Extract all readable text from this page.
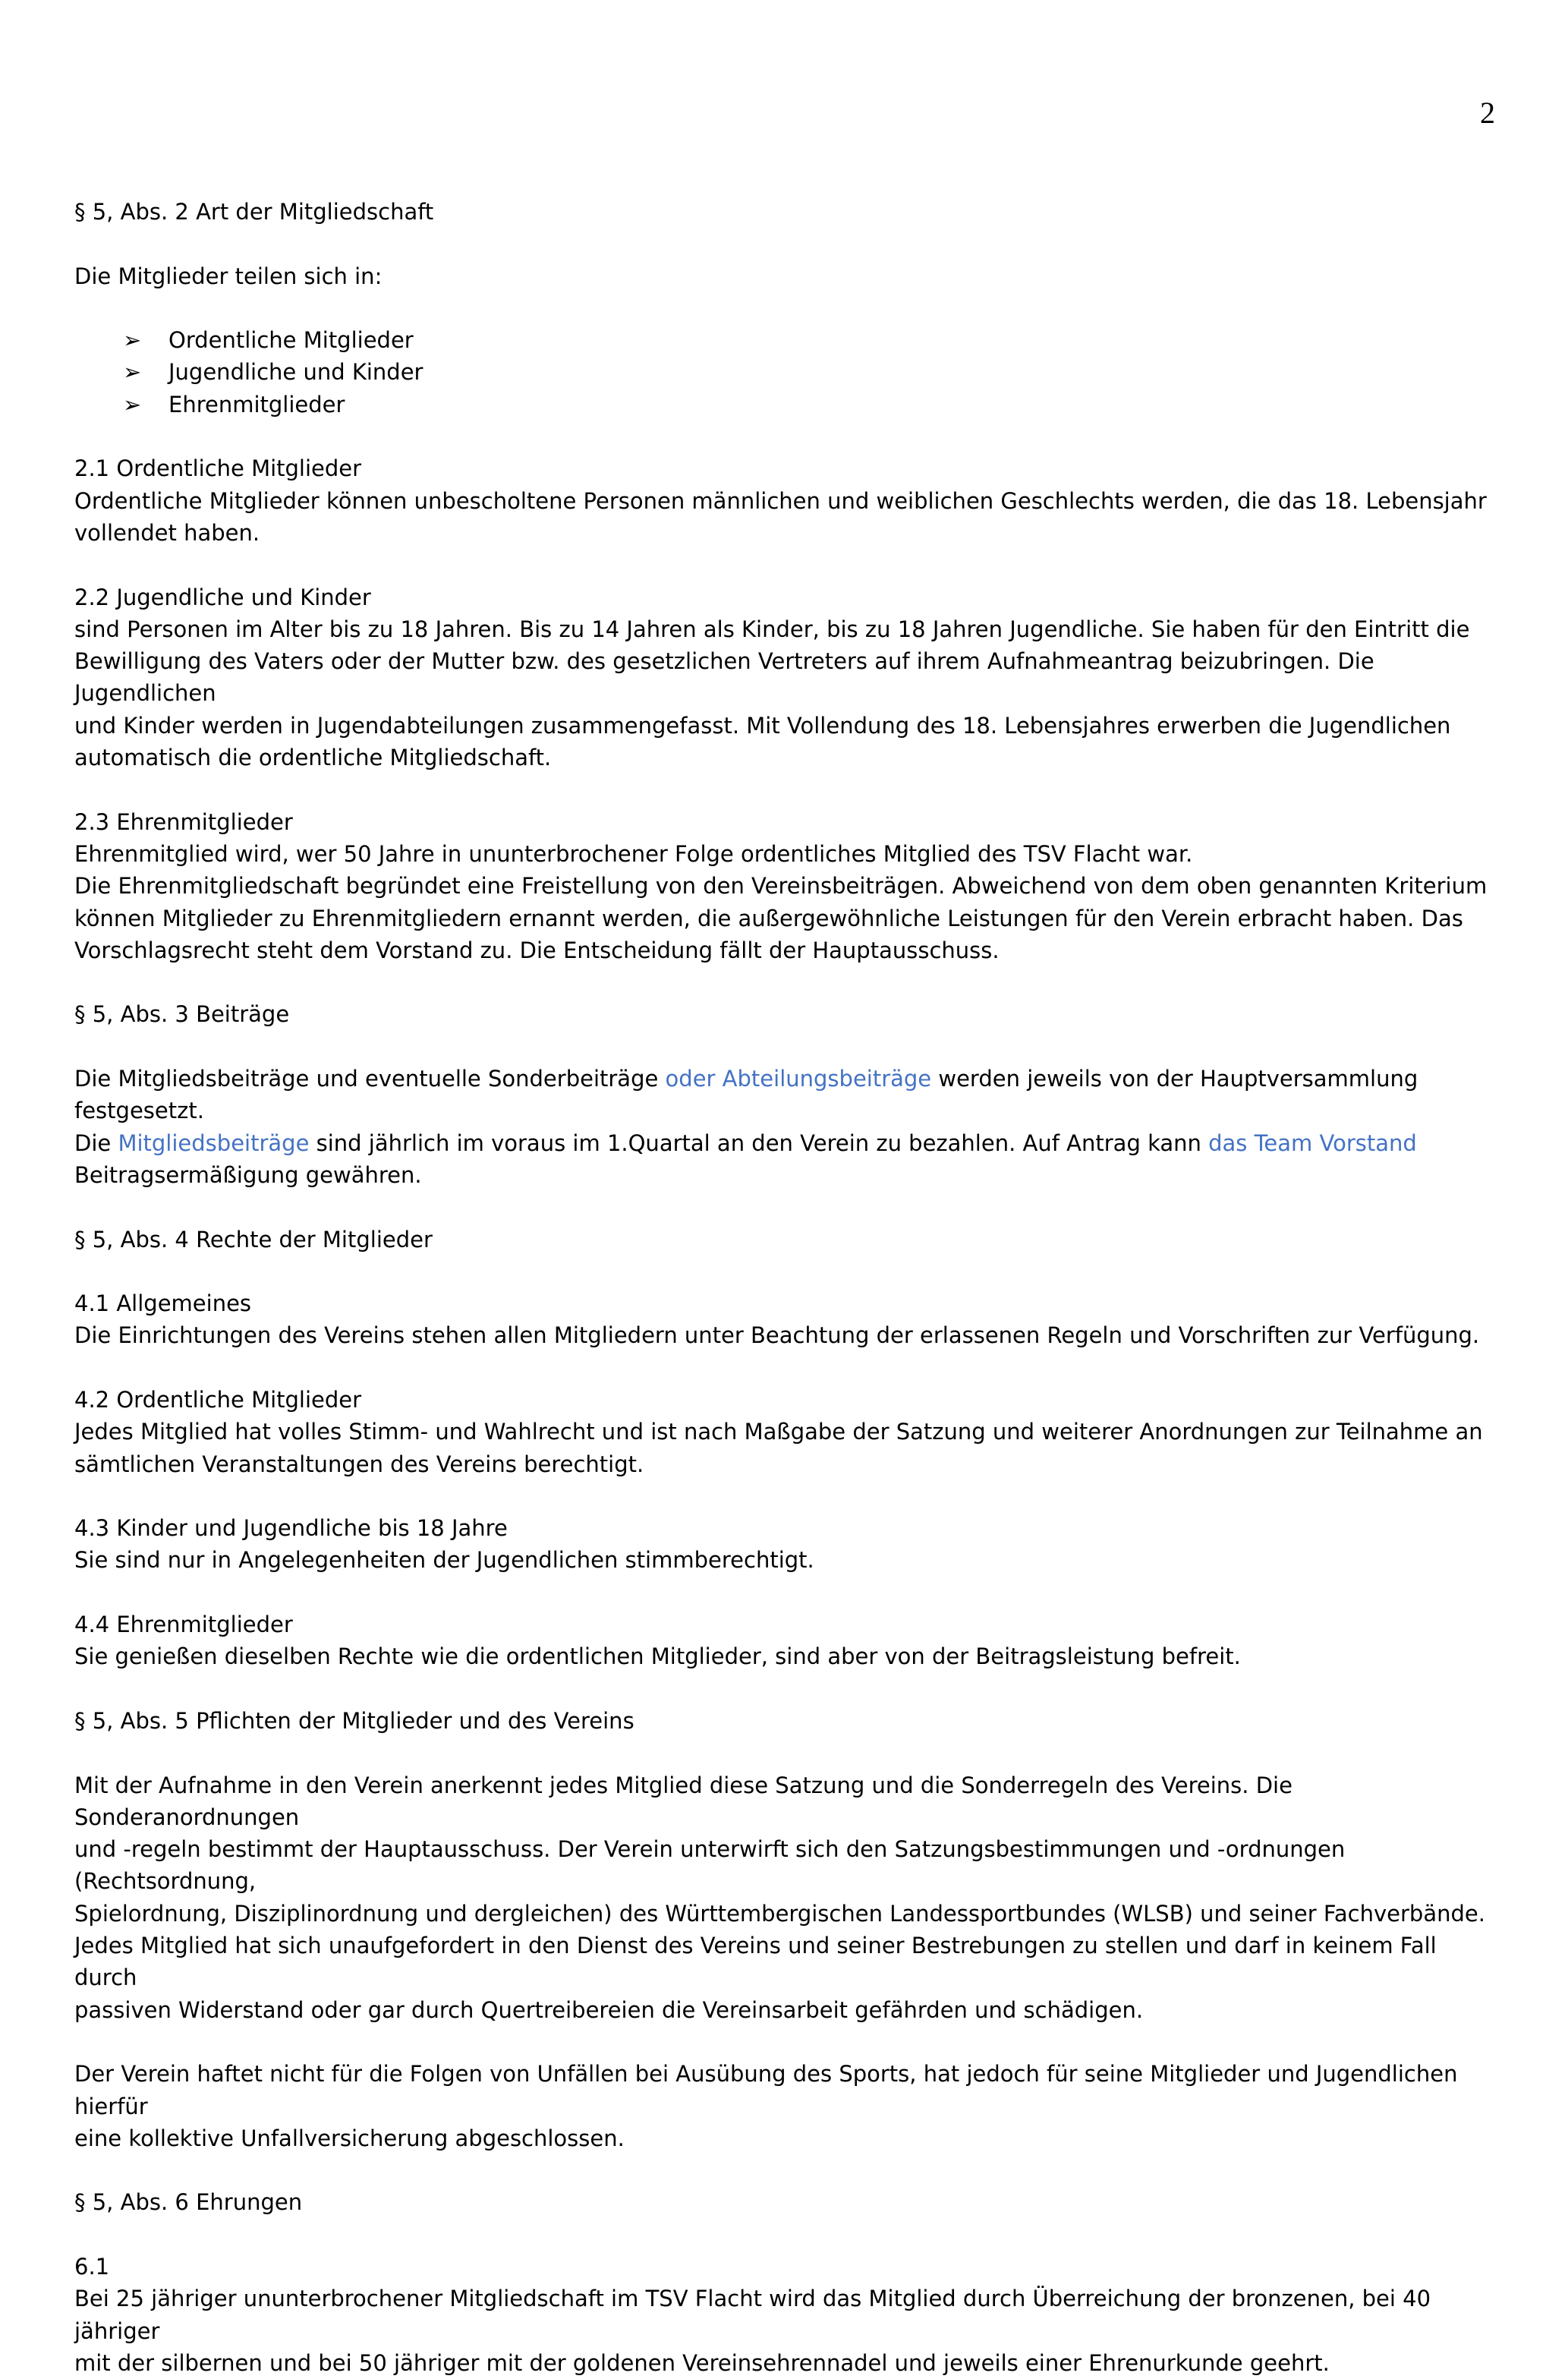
2

§ 5, Abs. 2 Art der Mitgliedschaft

Die Mitglieder teilen sich in:

➢	Ordentliche Mitglieder
➢	Jugendliche und Kinder
➢	Ehrenmitglieder

2.1 Ordentliche Mitglieder

Ordentliche Mitglieder können unbescholtene Personen männlichen und weiblichen Geschlechts werden, die das 18. Lebensjahr

vollendet haben.

2.2 Jugendliche und Kinder

sind Personen im Alter bis zu 18 Jahren. Bis zu 14 Jahren als Kinder, bis zu 18 Jahren Jugendliche. Sie haben für den Eintritt die

Bewilligung des Vaters oder der Mutter bzw. des gesetzlichen Vertreters auf ihrem Aufnahmeantrag beizubringen. Die Jugendlichen

und Kinder werden in Jugendabteilungen zusammengefasst. Mit Vollendung des 18. Lebensjahres erwerben die Jugendlichen

automatisch die ordentliche Mitgliedschaft.

2.3 Ehrenmitglieder

Ehrenmitglied wird, wer 50 Jahre in ununterbrochener Folge ordentliches Mitglied des TSV Flacht war.

Die Ehrenmitgliedschaft begründet eine Freistellung von den Vereinsbeiträgen. Abweichend von dem oben genannten Kriterium

können Mitglieder zu Ehrenmitgliedern ernannt werden, die außergewöhnliche Leistungen für den Verein erbracht haben. Das

Vorschlagsrecht steht dem Vorstand zu. Die Entscheidung fällt der Hauptausschuss.

§ 5, Abs. 3 Beiträge

Die Mitgliedsbeiträge und eventuelle Sonderbeiträge oder Abteilungsbeiträge werden jeweils von der Hauptversammlung festgesetzt.

Die Mitgliedsbeiträge sind jährlich im voraus im 1.Quartal an den Verein zu bezahlen. Auf Antrag kann das Team Vorstand

Beitragsermäßigung gewähren.

§ 5, Abs. 4 Rechte der Mitglieder

4.1 Allgemeines

Die Einrichtungen des Vereins stehen allen Mitgliedern unter Beachtung der erlassenen Regeln und Vorschriften zur Verfügung.

4.2 Ordentliche Mitglieder

Jedes Mitglied hat volles Stimm- und Wahlrecht und ist nach Maßgabe der Satzung und weiterer Anordnungen zur Teilnahme an

sämtlichen Veranstaltungen des Vereins berechtigt.

4.3 Kinder und Jugendliche bis 18 Jahre

Sie sind nur in Angelegenheiten der Jugendlichen stimmberechtigt.

4.4 Ehrenmitglieder

Sie genießen dieselben Rechte wie die ordentlichen Mitglieder, sind aber von der Beitragsleistung befreit.

§ 5, Abs. 5 Pflichten der Mitglieder und des Vereins

Mit der Aufnahme in den Verein anerkennt jedes Mitglied diese Satzung und die Sonderregeln des Vereins. Die Sonderanordnungen

und -regeln bestimmt der Hauptausschuss. Der Verein unterwirft sich den Satzungsbestimmungen und -ordnungen (Rechtsordnung,

Spielordnung, Disziplinordnung und dergleichen) des Württembergischen Landessportbundes (WLSB) und seiner Fachverbände.

Jedes Mitglied hat sich unaufgefordert in den Dienst des Vereins und seiner Bestrebungen zu stellen und darf in keinem Fall durch

passiven Widerstand oder gar durch Quertreibereien die Vereinsarbeit gefährden und schädigen.

Der Verein haftet nicht für die Folgen von Unfällen bei Ausübung des Sports, hat jedoch für seine Mitglieder und Jugendlichen hierfür

eine kollektive Unfallversicherung abgeschlossen.

§ 5, Abs. 6 Ehrungen

6.1

Bei 25 jähriger ununterbrochener Mitgliedschaft im TSV Flacht wird das Mitglied durch Überreichung der bronzenen, bei 40 jähriger

mit der silbernen und bei 50 jähriger mit der goldenen Vereinsehrennadel und jeweils einer Ehrenurkunde geehrt.
